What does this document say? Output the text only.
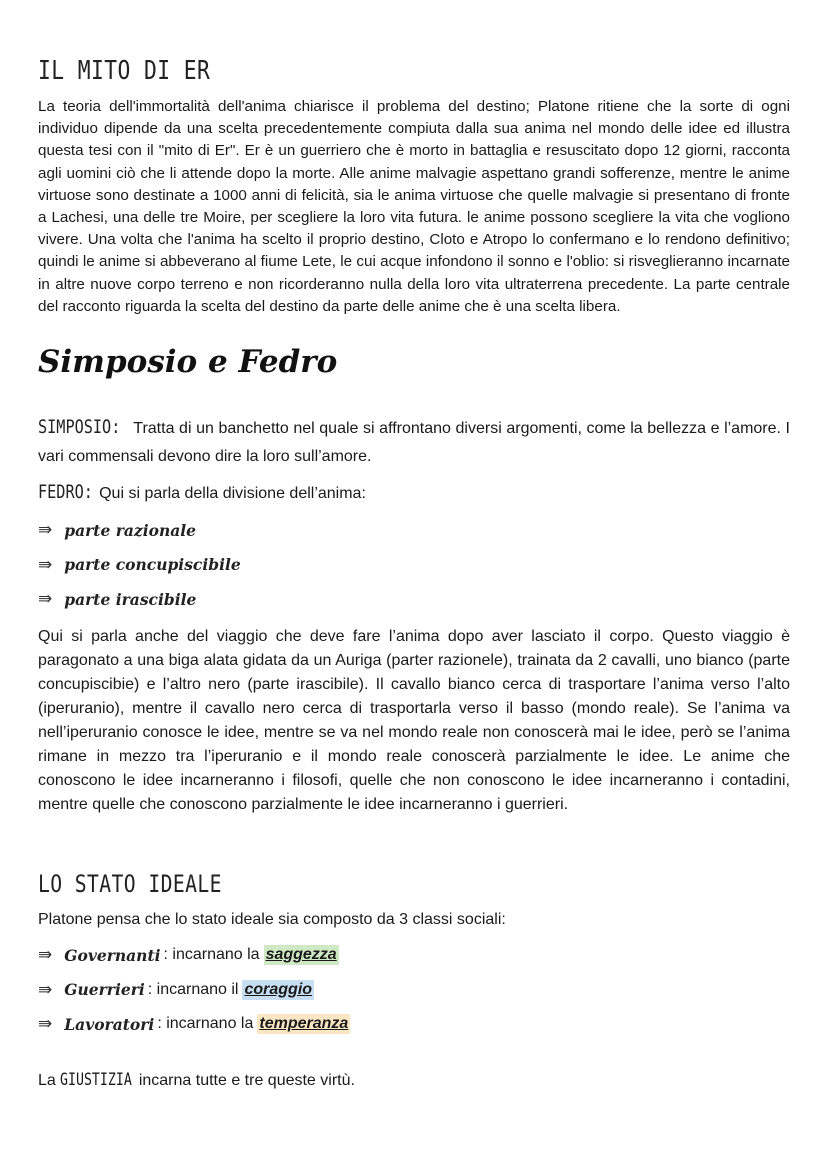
IL MITO DI ER

La teoria dell'immortalità dell'anima chiarisce il problema del destino; Platone ritiene che la sorte di ogni individuo dipende da una scelta precedentemente compiuta dalla sua anima nel mondo delle idee ed illustra questa tesi con il "mito di Er". Er è un guerriero che è morto in battaglia e resuscitato dopo 12 giorni, racconta agli uomini ciò che li attende dopo la morte. Alle anime malvagie aspettano grandi sofferenze, mentre le anime virtuose sono destinate a 1000 anni di felicità, sia le anima virtuose che quelle malvagie si presentano di fronte a Lachesi, una delle tre Moire, per scegliere la loro vita futura. le anime possono scegliere la vita che vogliono vivere. Una volta che l'anima ha scelto il proprio destino, Cloto e Atropo lo confermano e lo rendono definitivo; quindi le anime si abbeverano al fiume Lete, le cui acque infondono il sonno e l'oblio: si risveglieranno incarnate in altre nuove corpo terreno e non ricorderanno nulla della loro vita ultraterrena precedente. La parte centrale del racconto riguarda la scelta del destino da parte delle anime che è una scelta libera.

Simposio e Fedro

SIMPOSIO: Tratta di un banchetto nel quale si affrontano diversi argomenti, come la bellezza e l’amore. I vari commensali devono dire la loro sull’amore.

FEDRO: Qui si parla della divisione dell’anima:

⇛ parte razionale
⇛ parte concupiscibile
⇛ parte irascibile

Qui si parla anche del viaggio che deve fare l’anima dopo aver lasciato il corpo. Questo viaggio è paragonato a una biga alata gidata da un Auriga (parter razionele), trainata da 2 cavalli, uno bianco (parte concupiscibie) e l’altro nero (parte irascibile). Il cavallo bianco cerca di trasportare l’anima verso l’alto (iperuranio), mentre il cavallo nero cerca di trasportarla verso il basso (mondo reale). Se l’anima va nell’iperuranio conosce le idee, mentre se va nel mondo reale non conoscerà mai le idee, però se l’anima rimane in mezzo tra l’iperuranio e il mondo reale conoscerà parzialmente le idee. Le anime che conoscono le idee incarneranno i filosofi, quelle che non conoscono le idee incarneranno i contadini, mentre quelle che conoscono parzialmente le idee incarneranno i guerrieri.

LO STATO IDEALE

Platone pensa che lo stato ideale sia composto da 3 classi sociali:

⇛ Governanti : incarnano la saggezza
⇛ Guerrieri : incarnano il coraggio
⇛ Lavoratori : incarnano la temperanza

La GIUSTIZIA incarna tutte e tre queste virtù.
